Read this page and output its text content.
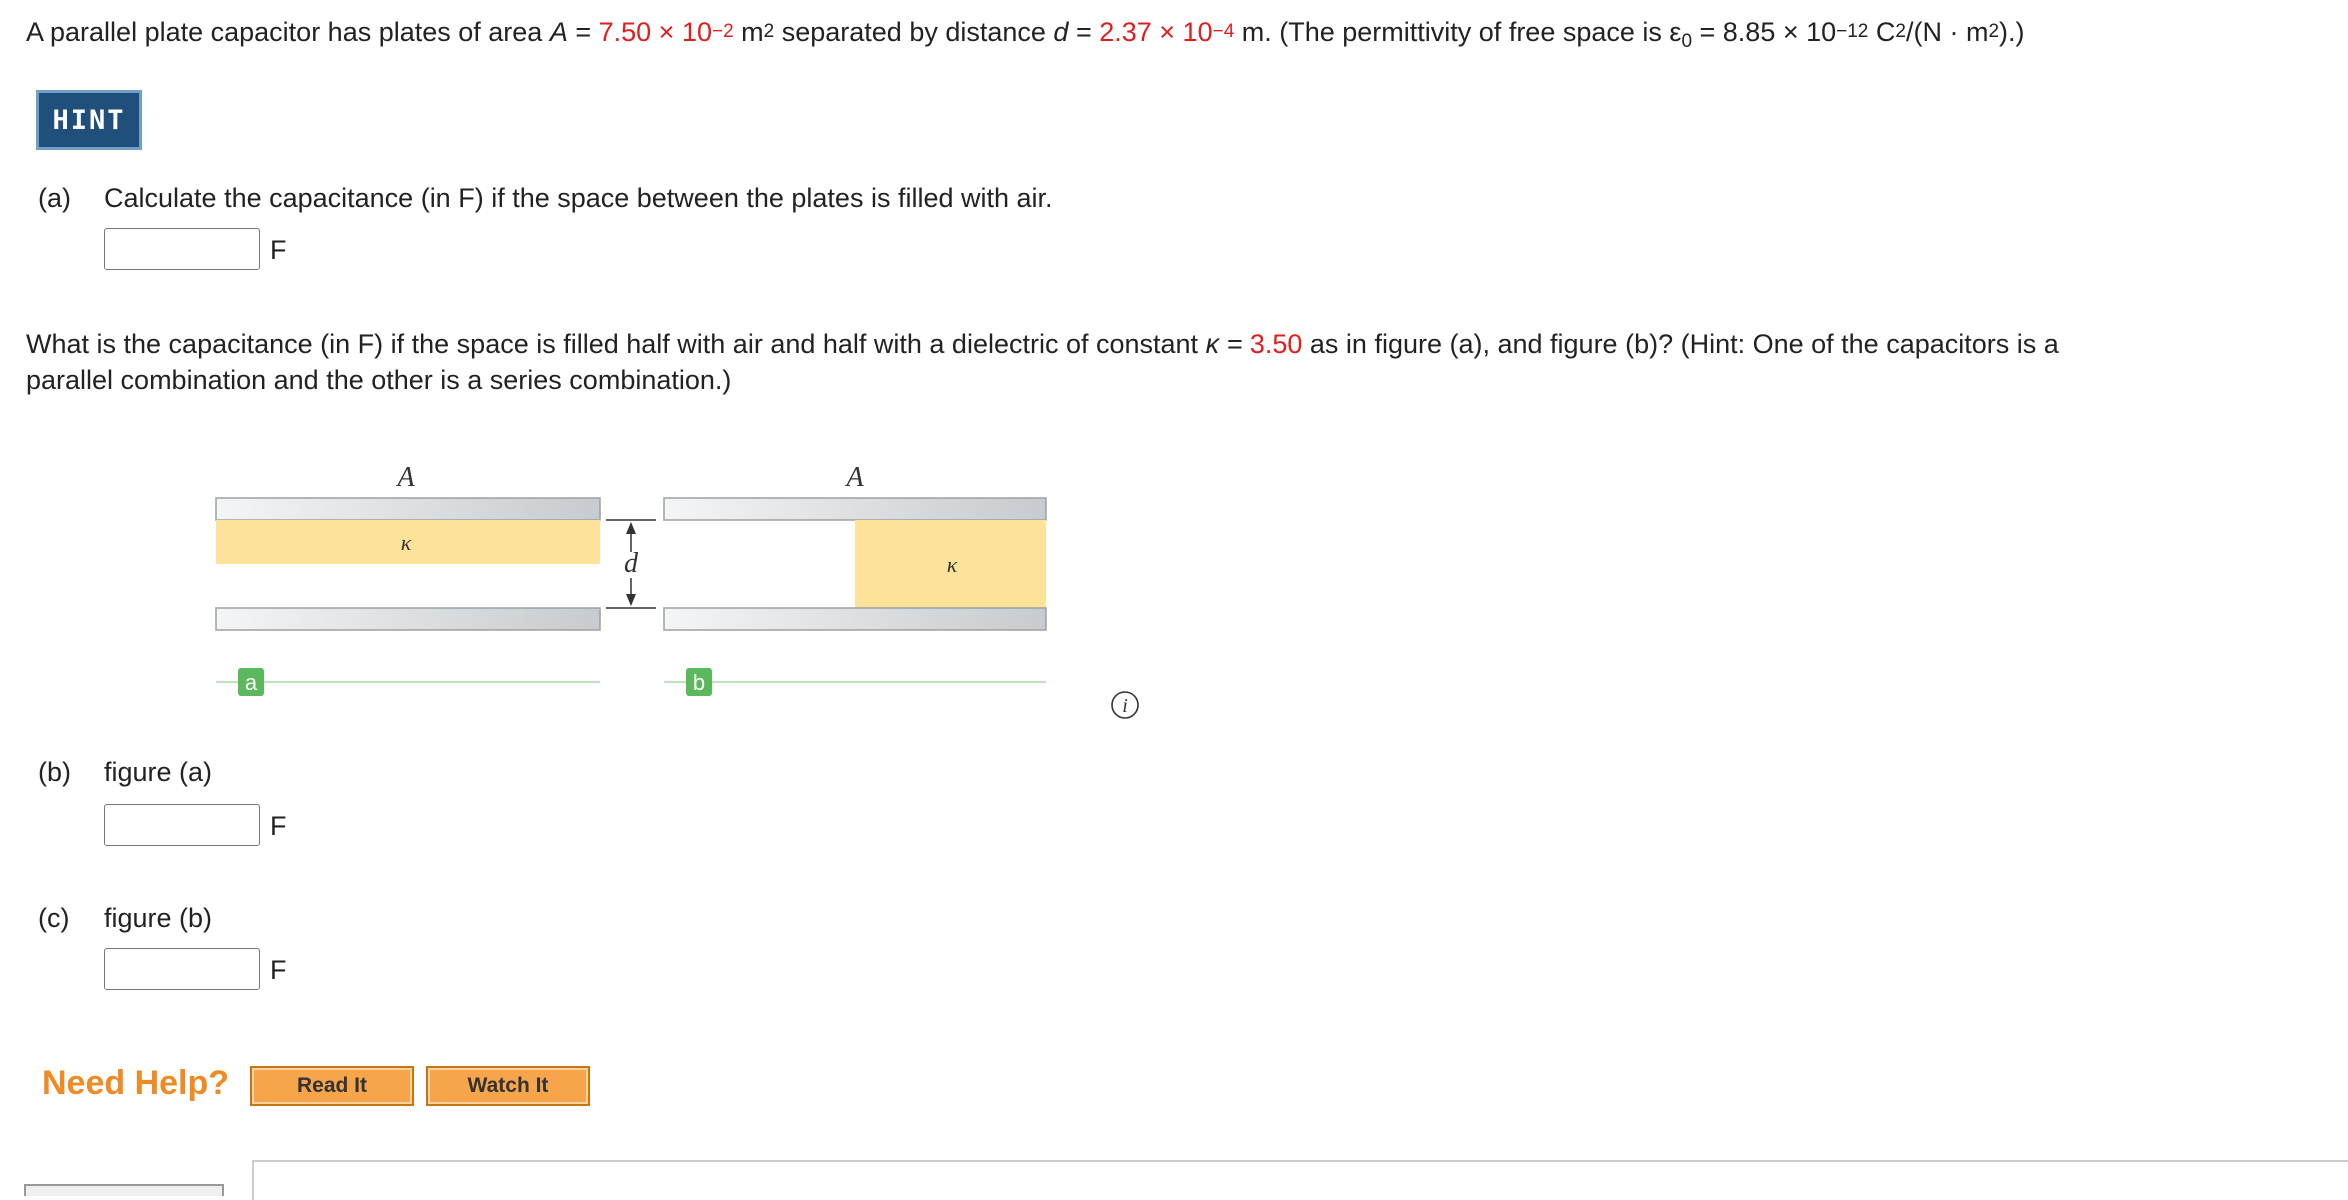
A parallel plate capacitor has plates of area $A = 7.50 \times 10^{-2}$ $m^2$ separated by distance $d = 2.37 \times 10^{-4}$ m. (The permittivity of free space is $\varepsilon_0 = 8.85 \times 10^{-12}$ $C^2/(N \cdot m^2)$.)
HINT
(a) Calculate the capacitance (in F) if the space between the plates is filled with air.
F
What is the capacitance (in F) if the space is filled half with air and half with a dielectric of constant κ = 3.50 as in figure (a), and figure (b)? (Hint: One of the capacitors is a
parallel combination and the other is a series combination.)
A
κ
d
A
κ
a	b
i
(b) figure (a)
F
(c) figure (b)
F
Need Help?	Read It	Watch It
